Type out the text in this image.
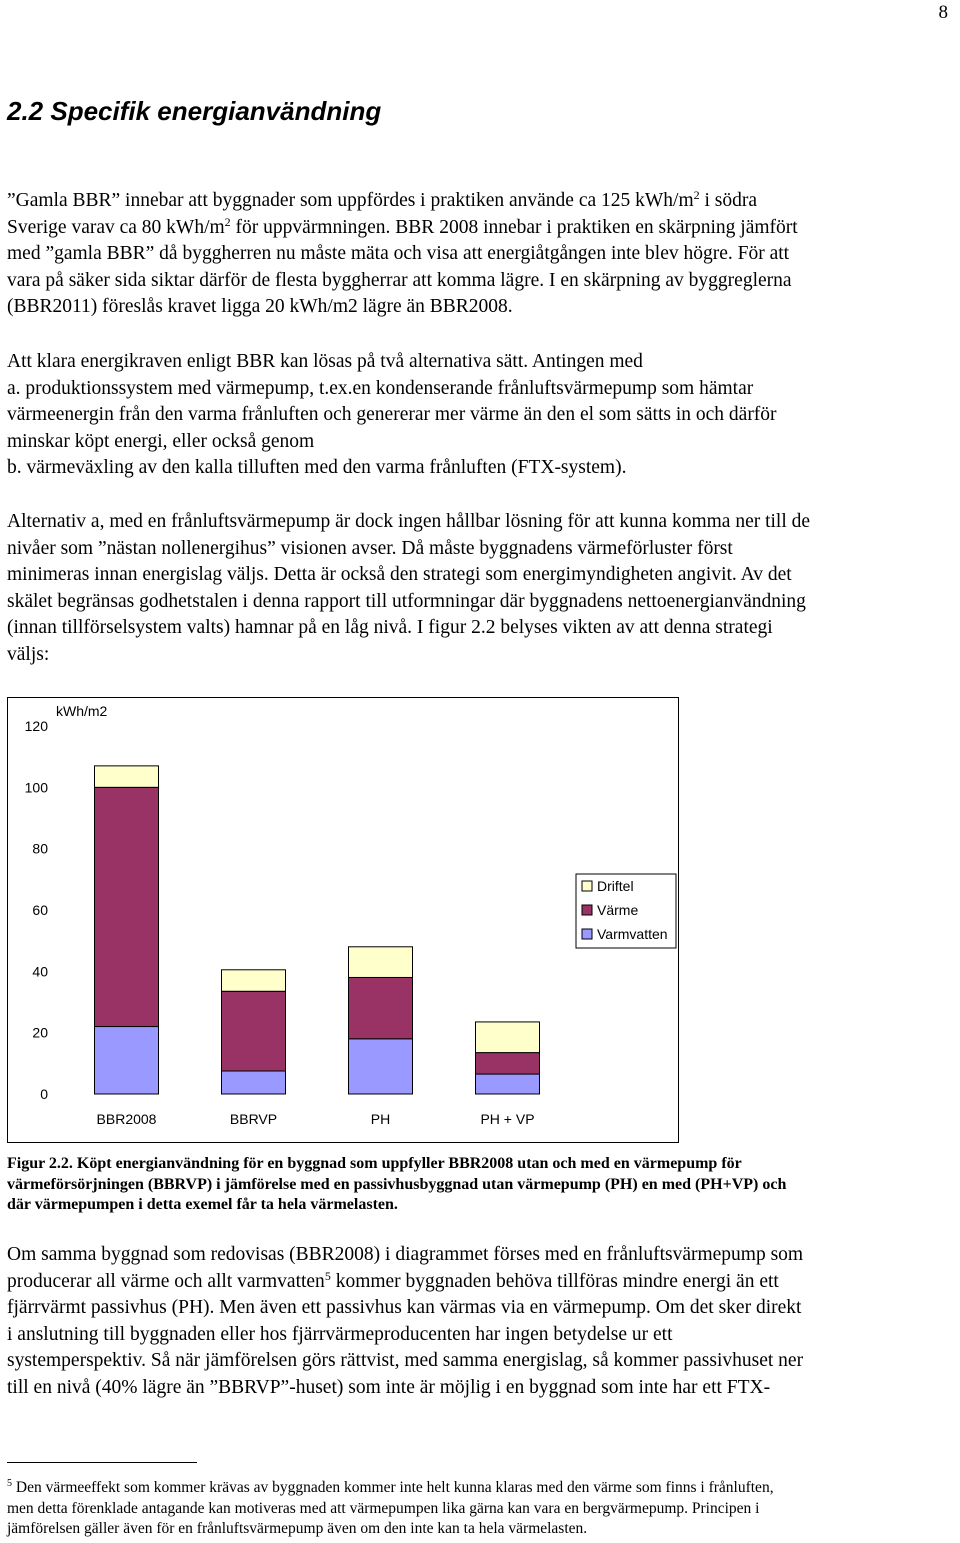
8
2.2 Specifik energianvändning
”Gamla BBR” innebar att byggnader som uppfördes i praktiken använde ca 125 kWh/$m^2$ i södra
Sverige varav ca 80 kWh/$m^2$ för uppvärmningen. BBR 2008 innebar i praktiken en skärpning jämfört
med ”gamla BBR” då byggherren nu måste mäta och visa att energiåtgången inte blev högre. För att
vara på säker sida siktar därför de flesta byggherrar att komma lägre. I en skärpning av byggreglerna
(BBR2011) föreslås kravet ligga 20 kWh/m2 lägre än BBR2008.
Att klara energikraven enligt BBR kan lösas på två alternativa sätt. Antingen med
a. produktionssystem med värmepump, t.ex.en kondenserande frånluftsvärmepump som hämtar
värmeenergin från den varma frånluften och genererar mer värme än den el som sätts in och därför
minskar köpt energi, eller också genom
b. värmeväxling av den kalla tilluften med den varma frånluften (FTX-system).
Alternativ a, med en frånluftsvärmepump är dock ingen hållbar lösning för att kunna komma ner till de
nivåer som ”nästan nollenergihus” visionen avser. Då måste byggnadens värmeförluster först
minimeras innan energislag väljs. Detta är också den strategi som energimyndigheten angivit. Av det
skälet begränsas godhetstalen i denna rapport till utformningar där byggnadens nettoenergianvändning
(innan tillförselsystem valts) hamnar på en låg nivå. I figur 2.2 belyses vikten av att denna strategi
väljs:
0
20
40
60
80
100
120
BBR2008	BBRVP	PH	PH + VP
Driftel
Värme
Varmvatten
kWh/m2
Figur 2.2. Köpt energianvändning för en byggnad som uppfyller BBR2008 utan och med en värmepump för
värmeförsörjningen (BBRVP) i jämförelse med en passivhusbyggnad utan värmepump (PH) en med (PH+VP) och
där värmepumpen i detta exemel får ta hela värmelasten.
Om samma byggnad som redovisas (BBR2008) i diagrammet förses med en frånluftsvärmepump som
producerar all värme och allt varmvatten$^5$ kommer byggnaden behöva tillföras mindre energi än ett
fjärrvärmt passivhus (PH). Men även ett passivhus kan värmas via en värmepump. Om det sker direkt
i anslutning till byggnaden eller hos fjärrvärmeproducenten har ingen betydelse ur ett
systemperspektiv. Så när jämförelsen görs rättvist, med samma energislag, så kommer passivhuset ner
till en nivå (40% lägre än ”BBRVP”-huset) som inte är möjlig i en byggnad som inte har ett FTX-
$^5$ Den värmeeffekt som kommer krävas av byggnaden kommer inte helt kunna klaras med den värme som finns i frånluften,
men detta förenklade antagande kan motiveras med att värmepumpen lika gärna kan vara en bergvärmepump. Principen i
jämförelsen gäller även för en frånluftsvärmepump även om den inte kan ta hela värmelasten.
